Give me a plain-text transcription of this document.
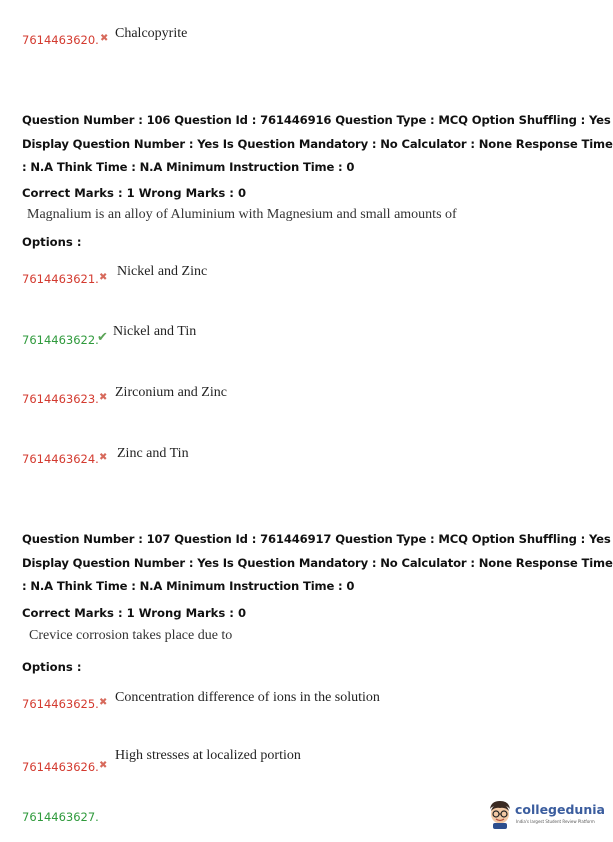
7614463620. ✖ Chalcopyrite
Question Number : 106 Question Id : 761446916 Question Type : MCQ Option Shuffling : Yes
Display Question Number : Yes Is Question Mandatory : No Calculator : None Response Time
: N.A Think Time : N.A Minimum Instruction Time : 0
Correct Marks : 1 Wrong Marks : 0
Magnalium is an alloy of Aluminium with Magnesium and small amounts of
Options :
7614463621. ✖ Nickel and Zinc
7614463622.
✔ Nickel and Tin
7614463623. ✖ Zirconium and Zinc
7614463624. ✖ Zinc and Tin
Question Number : 107 Question Id : 761446917 Question Type : MCQ Option Shuffling : Yes
Display Question Number : Yes Is Question Mandatory : No Calculator : None Response Time
: N.A Think Time : N.A Minimum Instruction Time : 0
Correct Marks : 1 Wrong Marks : 0
Crevice corrosion takes place due to
Options :
7614463625. ✖ Concentration difference of ions in the solution
7614463626. ✖
High stresses at localized portion
7614463627.	collegedunia
India's largest Student Review Platform
